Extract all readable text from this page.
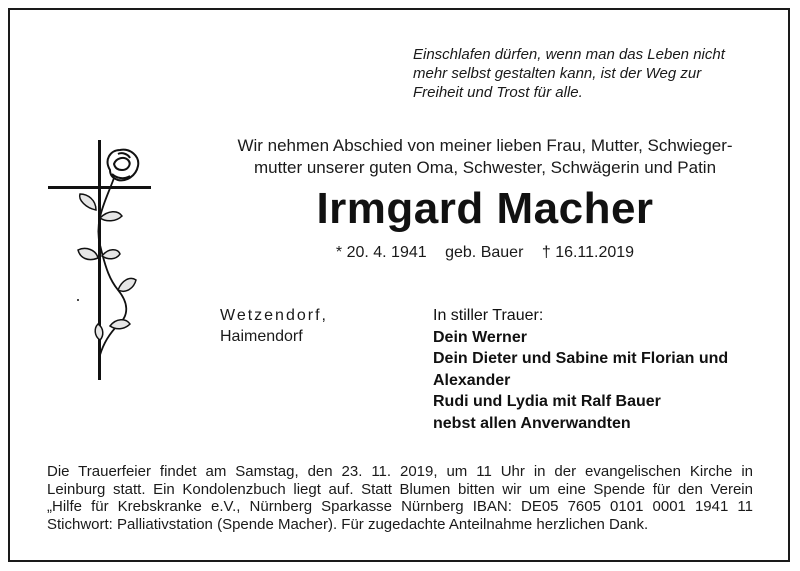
Einschlafen dürfen, wenn man das Leben nicht
mehr selbst gestalten kann, ist der Weg zur
Freiheit und Trost für alle.
Wir nehmen Abschied von meiner lieben Frau, Mutter, Schwieger-
mutter unserer guten Oma, Schwester, Schwägerin und Patin
Irmgard Macher
* 20. 4. 1941 geb. Bauer † 16.11.2019
Wetzendorf,
Haimendorf
In stiller Trauer:
Dein Werner
Dein Dieter und Sabine mit Florian und
Alexander
Rudi und Lydia mit Ralf Bauer
nebst allen Anverwandten
Die Trauerfeier findet am Samstag, den 23. 11. 2019, um 11 Uhr in der evangelischen Kirche in
Leinburg statt. Ein Kondolenzbuch liegt auf. Statt Blumen bitten wir um eine Spende für den Verein
„Hilfe für Krebskranke e.V., Nürnberg Sparkasse Nürnberg IBAN: DE05 7605 0101 0001 1941 11
Stichwort: Palliativstation (Spende Macher). Für zugedachte Anteilnahme herzlichen Dank.
